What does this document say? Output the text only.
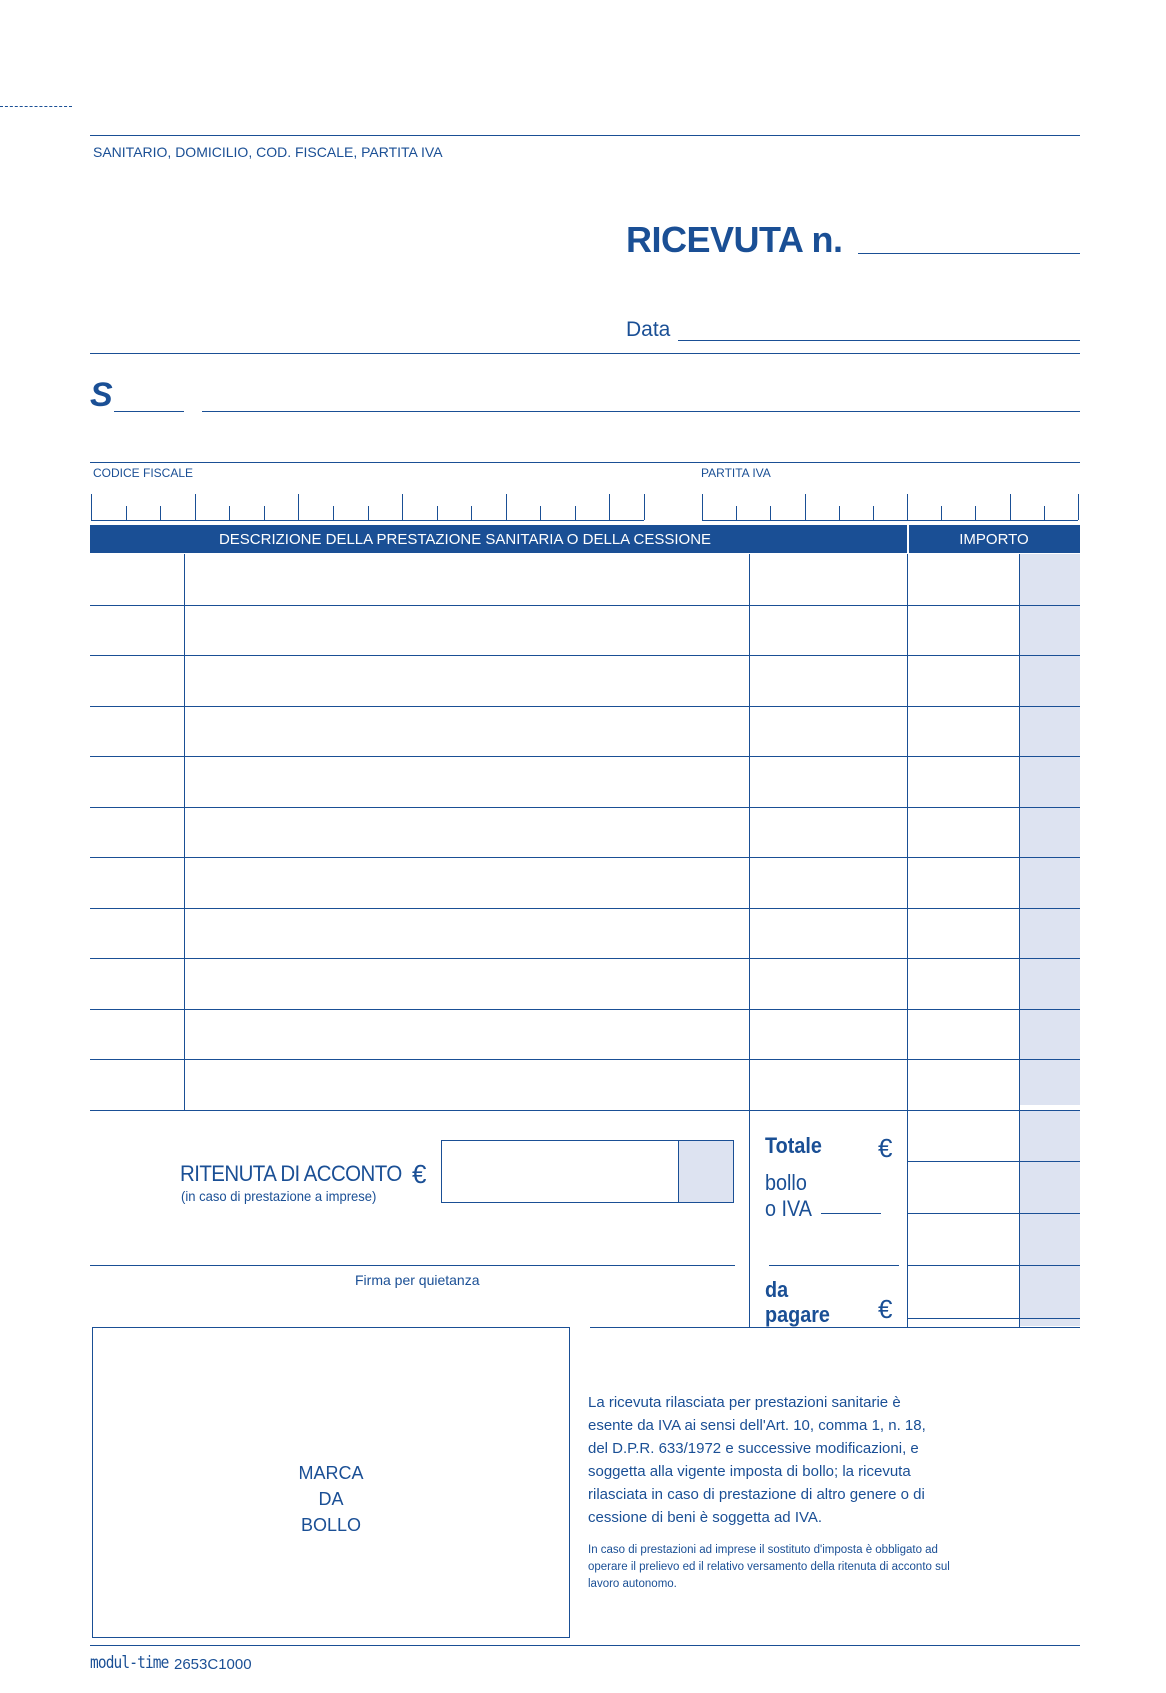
SANITARIO, DOMICILIO, COD. FISCALE, PARTITA IVA
RICEVUTA n.
Data
S
CODICE FISCALE	PARTITA IVA
DESCRIZIONE DELLA PRESTAZIONE SANITARIA O DELLA CESSIONE	IMPORTO
Totale €
bollo
o IVA
da
pagare €
RITENUTA DI ACCONTO €
(in caso di prestazione a imprese)
Firma per quietanza
MARCA
DA
BOLLO
La ricevuta rilasciata per prestazioni sanitarie è esente da IVA ai sensi dell'Art. 10, comma 1, n. 18, del D.P.R. 633/1972 e successive modificazioni, e soggetta alla vigente imposta di bollo; la ricevuta rilasciata in caso di prestazione di altro genere o di cessione di beni è soggetta ad IVA.
In caso di prestazioni ad imprese il sostituto d'imposta è obbligato ad operare il prelievo ed il relativo versamento della ritenuta di acconto sul lavoro autonomo.
modul-time 2653C1000
